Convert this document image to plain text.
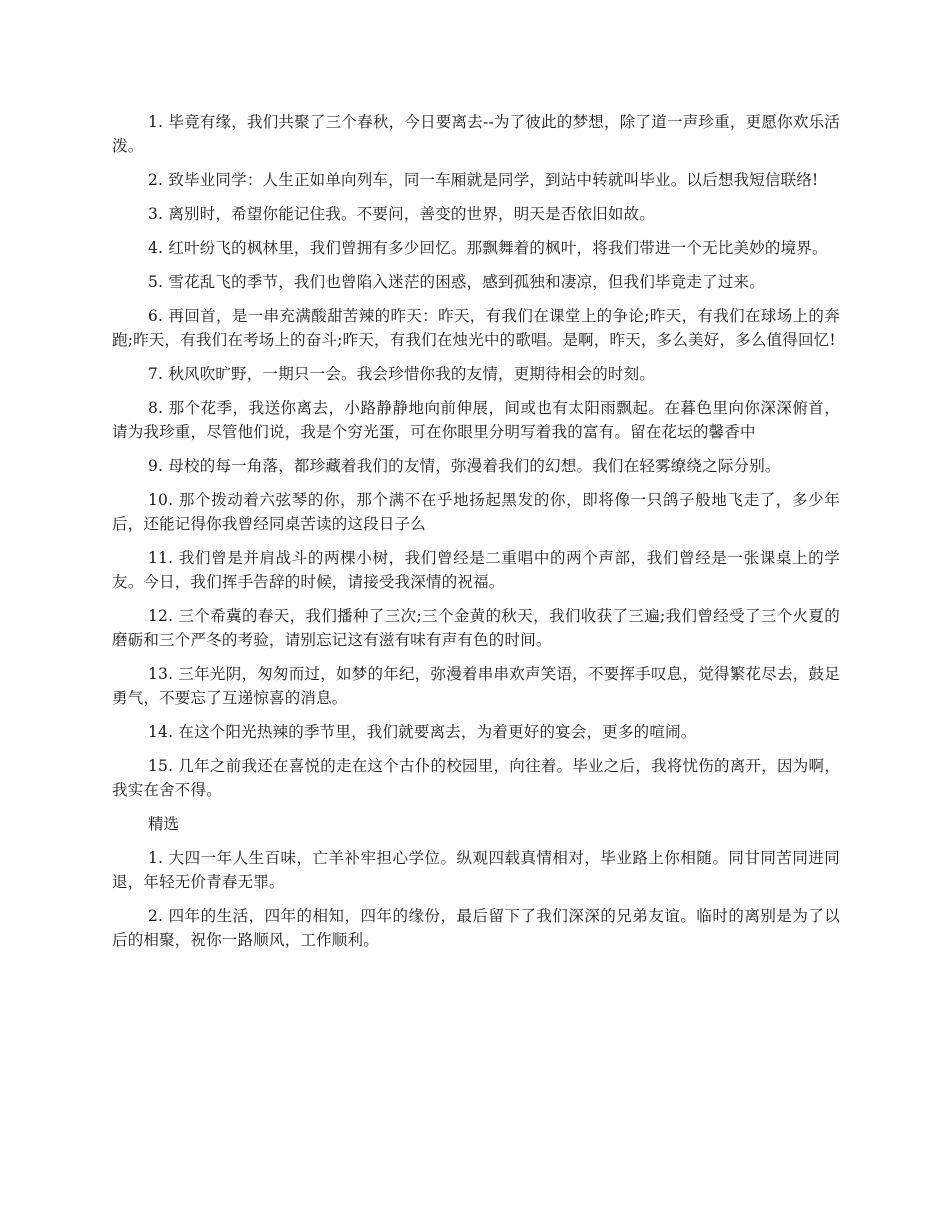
1. 毕竟有缘，我们共聚了三个春秋，今日要离去--为了彼此的梦想，除了道一声珍重，更愿你欢乐活泼。

2. 致毕业同学：人生正如单向列车，同一车厢就是同学，到站中转就叫毕业。以后想我短信联络!

3. 离别时，希望你能记住我。不要问，善变的世界，明天是否依旧如故。

4. 红叶纷飞的枫林里，我们曾拥有多少回忆。那飘舞着的枫叶，将我们带进一个无比美妙的境界。

5. 雪花乱飞的季节，我们也曾陷入迷茫的困惑，感到孤独和凄凉，但我们毕竟走了过来。

6. 再回首，是一串充满酸甜苦辣的昨天：昨天，有我们在课堂上的争论;昨天，有我们在球场上的奔跑;昨天，有我们在考场上的奋斗;昨天，有我们在烛光中的歌唱。是啊，昨天，多么美好，多么值得回忆!

7. 秋风吹旷野，一期只一会。我会珍惜你我的友情，更期待相会的时刻。

8. 那个花季，我送你离去，小路静静地向前伸展，间或也有太阳雨飘起。在暮色里向你深深俯首，请为我珍重，尽管他们说，我是个穷光蛋，可在你眼里分明写着我的富有。留在花坛的馨香中

9. 母校的每一角落，都珍藏着我们的友情，弥漫着我们的幻想。我们在轻雾缭绕之际分别。

10. 那个拨动着六弦琴的你，那个满不在乎地扬起黑发的你，即将像一只鸽子般地飞走了，多少年后，还能记得你我曾经同桌苦读的这段日子么

11. 我们曾是并肩战斗的两棵小树，我们曾经是二重唱中的两个声部，我们曾经是一张课桌上的学友。今日，我们挥手告辞的时候，请接受我深情的祝福。

12. 三个希冀的春天，我们播种了三次;三个金黄的秋天，我们收获了三遍;我们曾经受了三个火夏的磨砺和三个严冬的考验，请别忘记这有滋有味有声有色的时间。

13. 三年光阴，匆匆而过，如梦的年纪，弥漫着串串欢声笑语，不要挥手叹息，觉得繁花尽去，鼓足勇气，不要忘了互递惊喜的消息。

14. 在这个阳光热辣的季节里，我们就要离去，为着更好的宴会，更多的喧闹。

15. 几年之前我还在喜悦的走在这个古仆的校园里，向往着。毕业之后，我将忧伤的离开，因为啊，我实在舍不得。

精选

1. 大四一年人生百味，亡羊补牢担心学位。纵观四载真情相对，毕业路上你相随。同甘同苦同进同退，年轻无价青春无罪。

2. 四年的生活，四年的相知，四年的缘份，最后留下了我们深深的兄弟友谊。临时的离别是为了以后的相聚，祝你一路顺风，工作顺利。
